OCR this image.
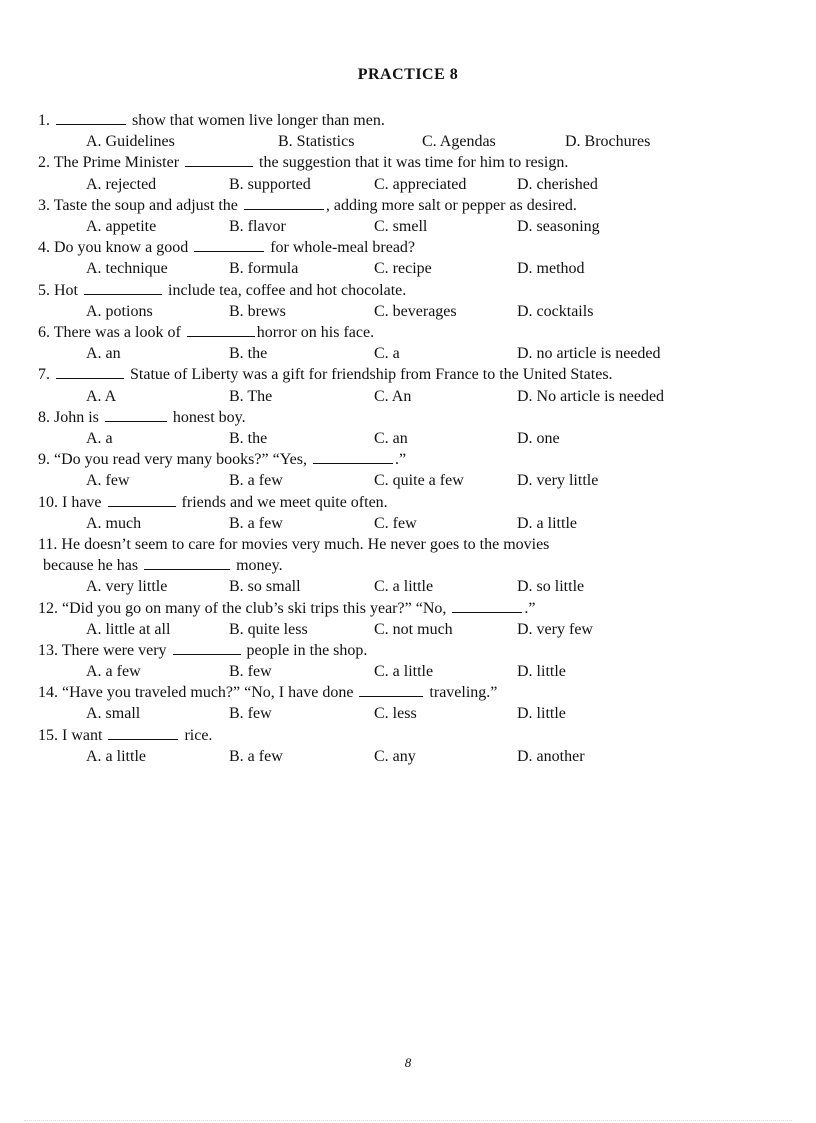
PRACTICE 8
1.	show that women live longer than men.
A. Guidelines	B. Statistics	C. Agendas	D. Brochures
2. The Prime Minister	the suggestion that it was time for him to resign.
A. rejected	B. supported	C. appreciated	D. cherished
3. Taste the soup and adjust the	, adding more salt or pepper as desired.
A. appetite	B. flavor	C. smell	D. seasoning
4. Do you know a good	for whole-meal bread?
A. technique	B. formula	C. recipe	D. method
5. Hot	include tea, coffee and hot chocolate.
A. potions	B. brews	C. beverages	D. cocktails
6. There was a look of	horror on his face.
A. an	B. the	C. a	D. no article is needed
7.	Statue of Liberty was a gift for friendship from France to the United States.
A. A	B. The	C. An	D. No article is needed
8. John is	honest boy.
A. a	B. the	C. an	D. one
9. “Do you read very many books?” “Yes,	.”
A. few	B. a few	C. quite a few	D. very little
10. I have	friends and we meet quite often.
A. much	B. a few	C. few	D. a little
11. He doesn’t seem to care for movies very much. He never goes to the movies
because he has	money.
A. very little	B. so small	C. a little	D. so little
12. “Did you go on many of the club’s ski trips this year?” “No,	.”
A. little at all	B. quite less	C. not much	D. very few
13. There were very	people in the shop.
A. a few	B. few	C. a little	D. little
14. “Have you traveled much?” “No, I have done	traveling.”
A. small	B. few	C. less	D. little
15. I want	rice.
A. a little	B. a few	C. any	D. another
8
